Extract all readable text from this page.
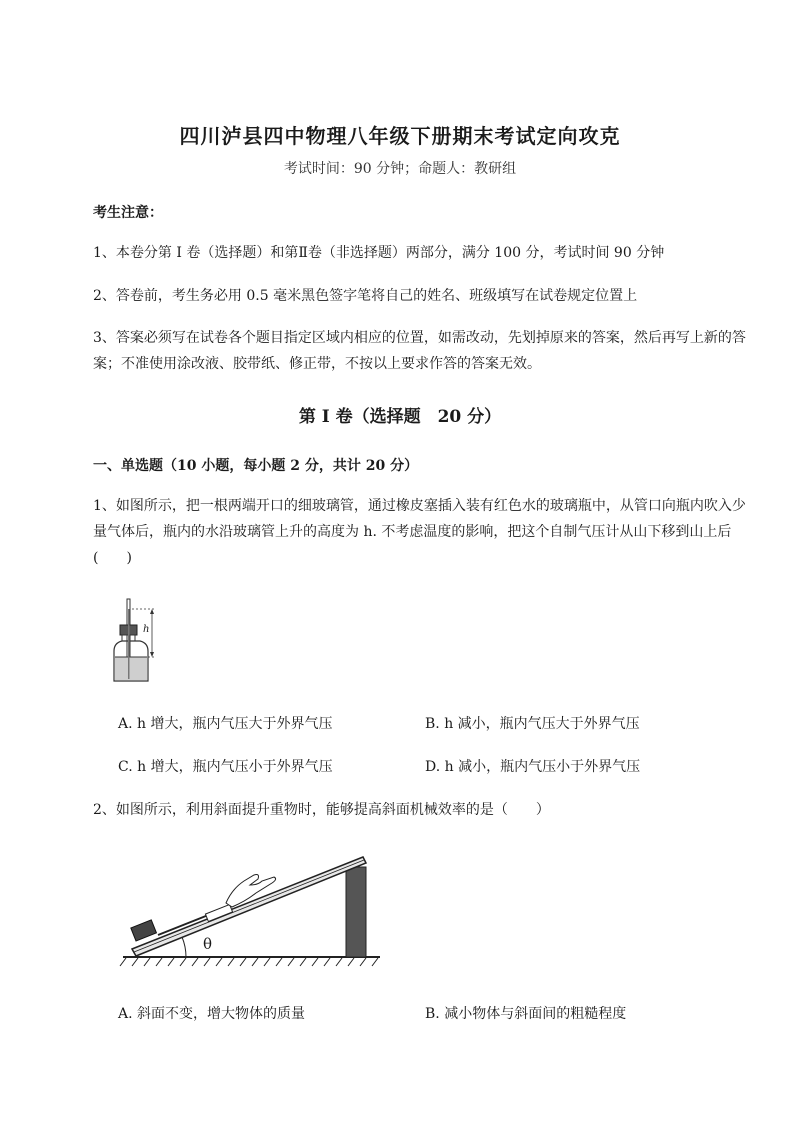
四川泸县四中物理八年级下册期末考试定向攻克
考试时间：90 分钟；命题人：教研组
考生注意：
1、本卷分第 I 卷（选择题）和第Ⅱ卷（非选择题）两部分，满分 100 分，考试时间 90 分钟
2、答卷前，考生务必用 0.5 毫米黑色签字笔将自己的姓名、班级填写在试卷规定位置上
3、答案必须写在试卷各个题目指定区域内相应的位置，如需改动，先划掉原来的答案，然后再写上新的答案；不准使用涂改液、胶带纸、修正带，不按以上要求作答的答案无效。
第 I 卷（选择题　20 分）
一、单选题（10 小题，每小题 2 分，共计 20 分）
1、如图所示，把一根两端开口的细玻璃管，通过橡皮塞插入装有红色水的玻璃瓶中，从管口向瓶内吹入少量气体后，瓶内的水沿玻璃管上升的高度为 h. 不考虑温度的影响，把这个自制气压计从山下移到山上后(　　)
h
A. h 增大，瓶内气压大于外界气压	B. h 减小，瓶内气压大于外界气压
C. h 增大，瓶内气压小于外界气压	D. h 减小，瓶内气压小于外界气压
2、如图所示，利用斜面提升重物时，能够提高斜面机械效率的是（　　）
θ
A. 斜面不变，增大物体的质量	B. 减小物体与斜面间的粗糙程度
